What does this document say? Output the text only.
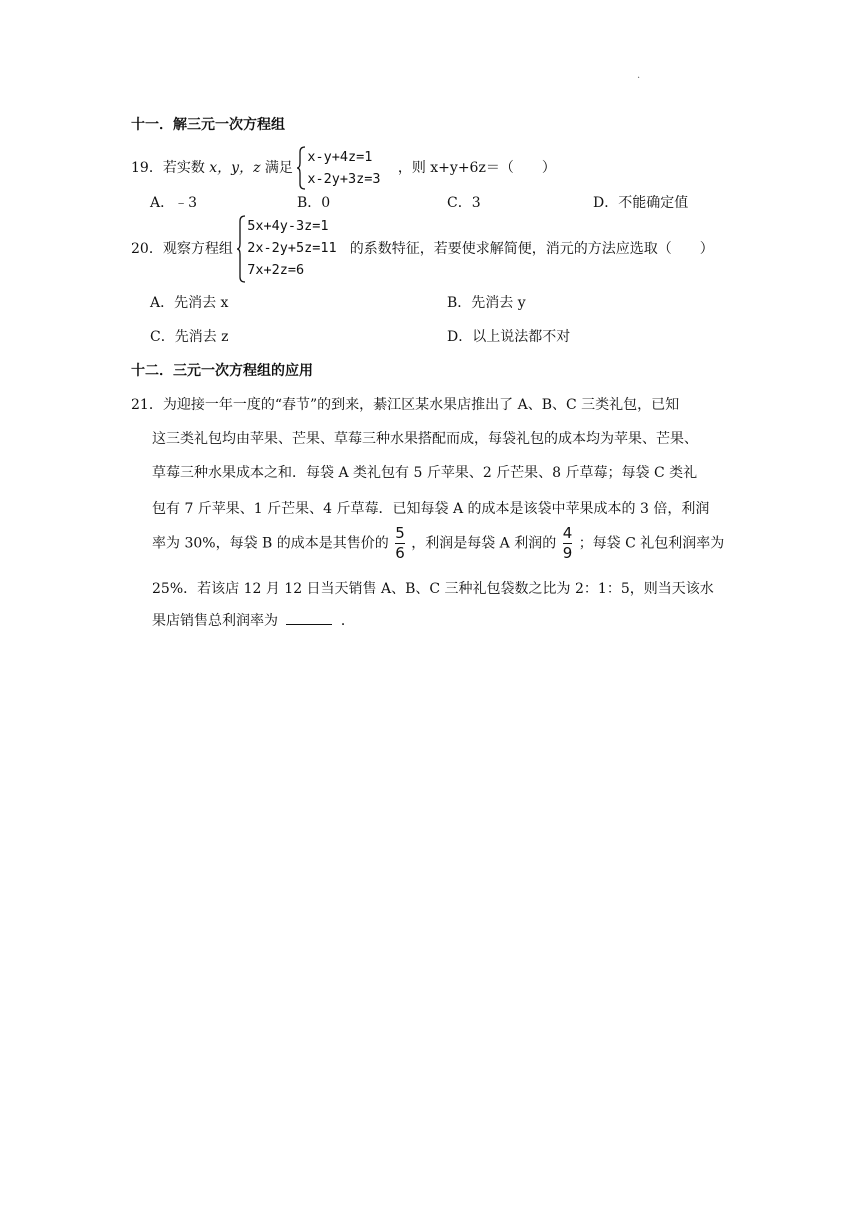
.
十一．解三元一次方程组
19．若实数 x，y，z 满足
x-y+4z=1
x-2y+3z=3
，则 x+y+6z＝（　　）
A．﹣3	B．0	C．3	D．不能确定值
20．观察方程组
5x+4y-3z=1
2x-2y+5z=11
7x+2z=6
的系数特征，若要使求解简便，消元的方法应选取（　　）
A．先消去 x	B．先消去 y
C．先消去 z	D．以上说法都不对
十二．三元一次方程组的应用
21．为迎接一年一度的“春节”的到来，綦江区某水果店推出了 A、B、C 三类礼包，已知
这三类礼包均由苹果、芒果、草莓三种水果搭配而成，每袋礼包的成本均为苹果、芒果、
草莓三种水果成本之和．每袋 A 类礼包有 5 斤苹果、2 斤芒果、8 斤草莓；每袋 C 类礼
包有 7 斤苹果、1 斤芒果、4 斤草莓．已知每袋 A 的成本是该袋中苹果成本的 3 倍，利润
率为 30%，每袋 B 的成本是其售价的 $\frac{5}{6}$ ，利润是每袋 A 利润的 $\frac{4}{9}$ ；每袋 C 礼包利润率为
25%．若该店 12 月 12 日当天销售 A、B、C 三种礼包袋数之比为 2：1：5，则当天该水
果店销售总利润率为	．
